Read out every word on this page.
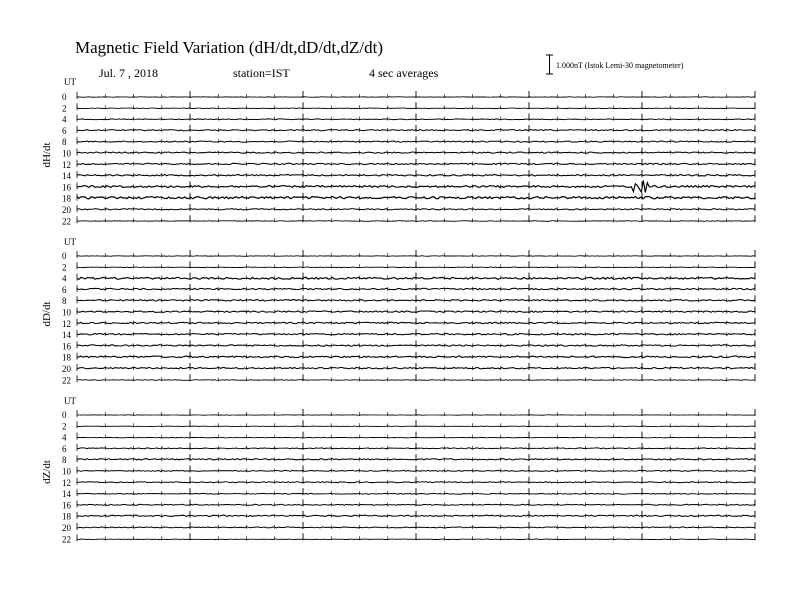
Magnetic Field Variation (dH/dt,dD/dt,dZ/dt)
Jul. 7 , 2018	station=IST	4 sec averages
1.000nT (Istok Lemi-30 magnetometer)
UT
dH/dt
0
2
4
6
8
10
12
14
16
18
20
22
UT
dD/dt
0
2
4
6
8
10
12
14
16
18
20
22
UT
dZ/dt
0
2
4
6
8
10
12
14
16
18
20
22
